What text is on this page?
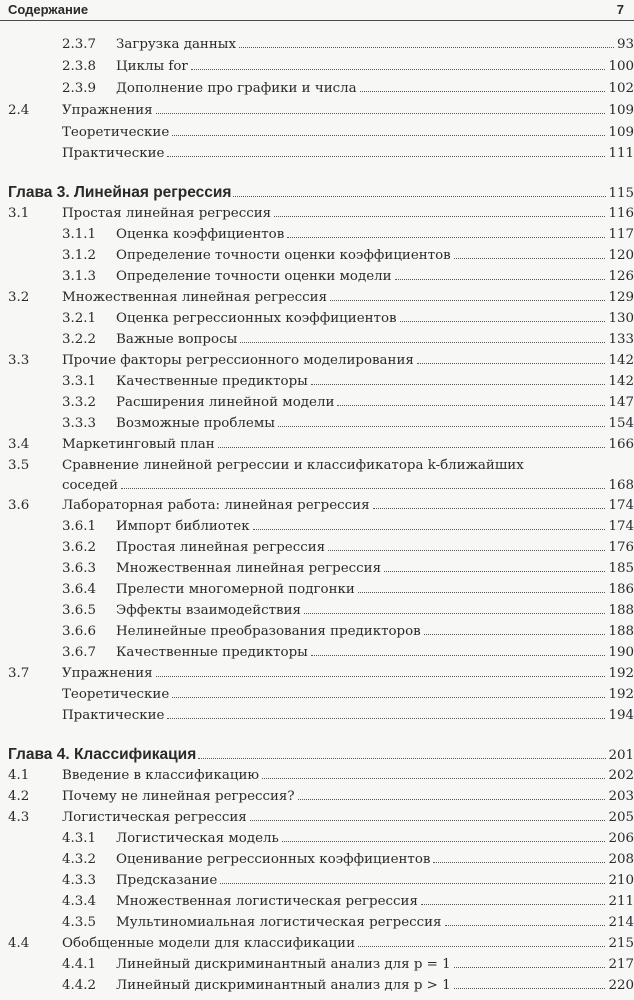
Содержание	7
2.3.7 Загрузка данных	93
2.3.8 Циклы for	100
2.3.9 Дополнение про графики и числа	102
2.4 Упражнения	109
Теоретические	109
Практические	111
Глава 3. Линейная регрессия	115
3.1 Простая линейная регрессия	116
3.1.1 Оценка коэффициентов	117
3.1.2 Определение точности оценки коэффициентов	120
3.1.3 Определение точности оценки модели	126
3.2 Множественная линейная регрессия	129
3.2.1 Оценка регрессионных коэффициентов	130
3.2.2 Важные вопросы	133
3.3 Прочие факторы регрессионного моделирования	142
3.3.1 Качественные предикторы	142
3.3.2 Расширения линейной модели	147
3.3.3 Возможные проблемы	154
3.4 Маркетинговый план	166
3.5 Сравнение линейной регрессии и классификатора k-ближайших
соседей	168
3.6 Лабораторная работа: линейная регрессия	174
3.6.1 Импорт библиотек	174
3.6.2 Простая линейная регрессия	176
3.6.3 Множественная линейная регрессия	185
3.6.4 Прелести многомерной подгонки	186
3.6.5 Эффекты взаимодействия	188
3.6.6 Нелинейные преобразования предикторов	188
3.6.7 Качественные предикторы	190
3.7 Упражнения	192
Теоретические	192
Практические	194
Глава 4. Классификация	201
4.1 Введение в классификацию	202
4.2 Почему не линейная регрессия?	203
4.3 Логистическая регрессия	205
4.3.1 Логистическая модель	206
4.3.2 Оценивание регрессионных коэффициентов	208
4.3.3 Предсказание	210
4.3.4 Множественная логистическая регрессия	211
4.3.5 Мультиномиальная логистическая регрессия	214
4.4 Обобщенные модели для классификации	215
4.4.1 Линейный дискриминантный анализ для p = 1	217
4.4.2 Линейный дискриминантный анализ для p > 1	220
